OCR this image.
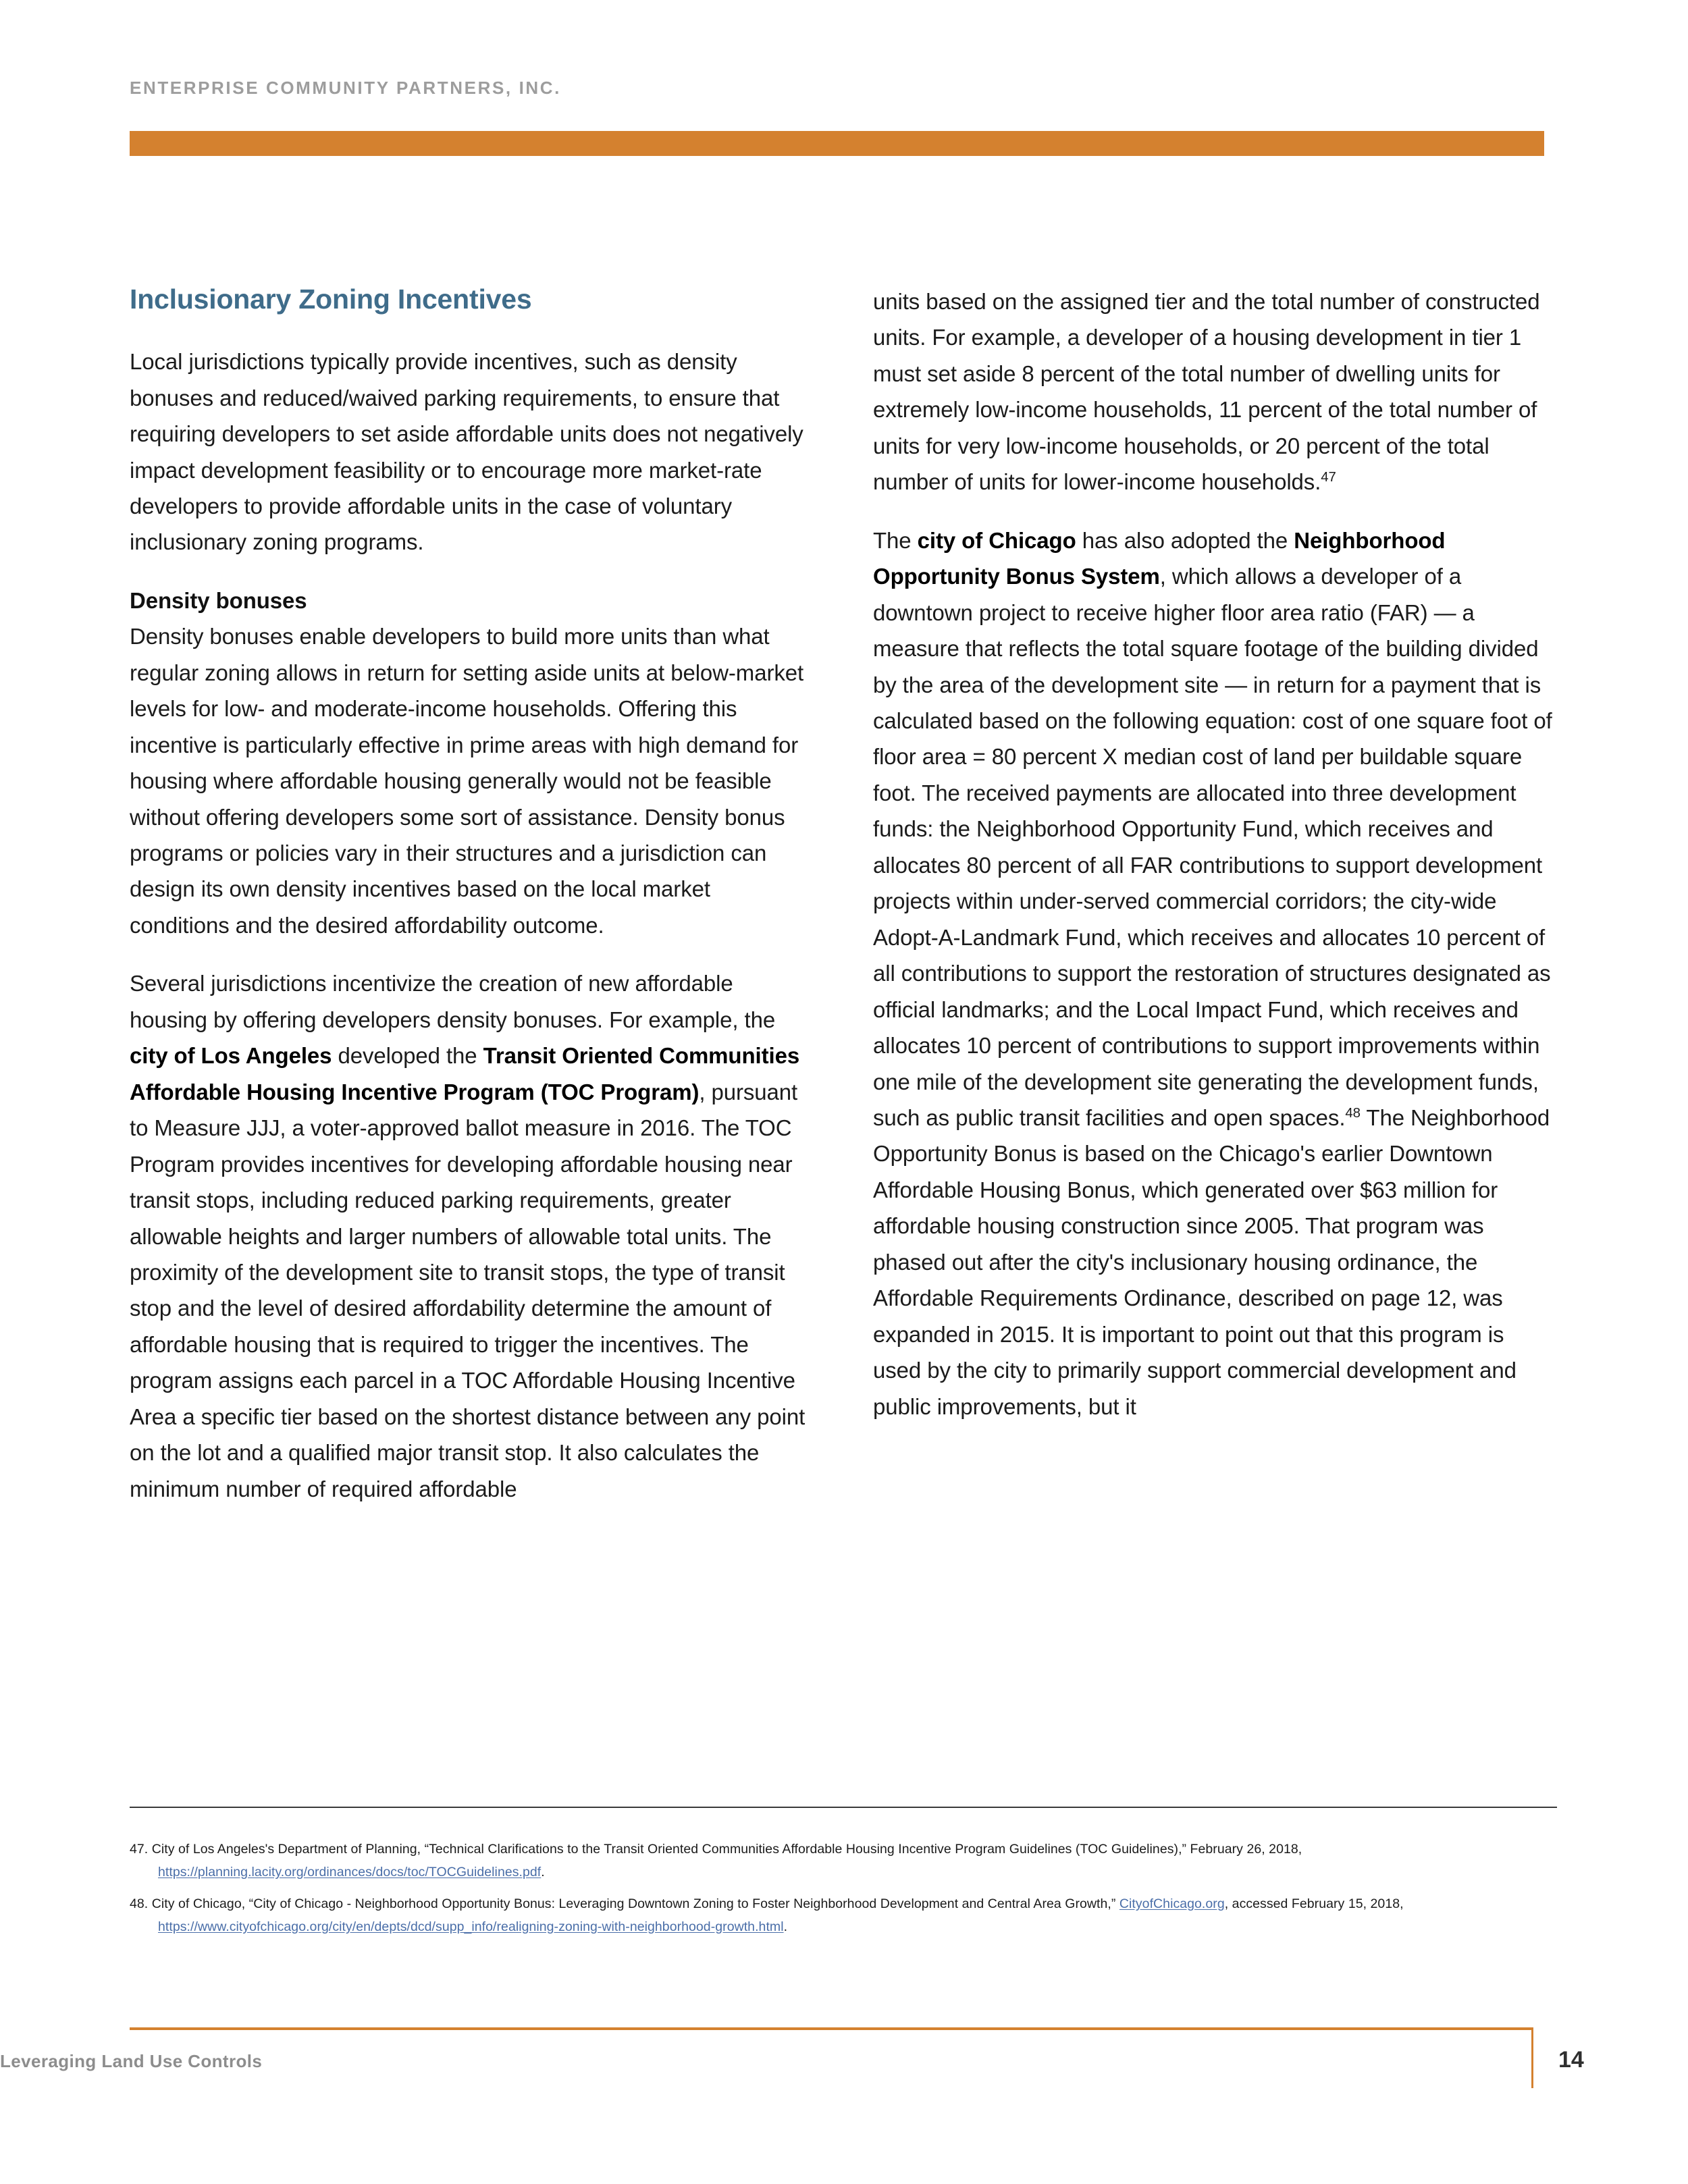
ENTERPRISE COMMUNITY PARTNERS, INC.
Inclusionary Zoning Incentives

Local jurisdictions typically provide incentives, such as density bonuses and reduced/waived parking requirements, to ensure that requiring developers to set aside affordable units does not negatively impact development feasibility or to encourage more market-rate developers to provide affordable units in the case of voluntary inclusionary zoning programs.

Density bonuses

Density bonuses enable developers to build more units than what regular zoning allows in return for setting aside units at below-market levels for low- and moderate-income households. Offering this incentive is particularly effective in prime areas with high demand for housing where affordable housing generally would not be feasible without offering developers some sort of assistance. Density bonus programs or policies vary in their structures and a jurisdiction can design its own density incentives based on the local market conditions and the desired affordability outcome.

Several jurisdictions incentivize the creation of new affordable housing by offering developers density bonuses. For example, the city of Los Angeles developed the Transit Oriented Communities Affordable Housing Incentive Program (TOC Program), pursuant to Measure JJJ, a voter-approved ballot measure in 2016. The TOC Program provides incentives for developing affordable housing near transit stops, including reduced parking requirements, greater allowable heights and larger numbers of allowable total units. The proximity of the development site to transit stops, the type of transit stop and the level of desired affordability determine the amount of affordable housing that is required to trigger the incentives. The program assigns each parcel in a TOC Affordable Housing Incentive Area a specific tier based on the shortest distance between any point on the lot and a qualified major transit stop. It also calculates the minimum number of required affordable

units based on the assigned tier and the total number of constructed units. For example, a developer of a housing development in tier 1 must set aside 8 percent of the total number of dwelling units for extremely low-income households, 11 percent of the total number of units for very low-income households, or 20 percent of the total number of units for lower-income households.$^{47}$

The city of Chicago has also adopted the Neighborhood Opportunity Bonus System, which allows a developer of a downtown project to receive higher floor area ratio (FAR) — a measure that reflects the total square footage of the building divided by the area of the development site — in return for a payment that is calculated based on the following equation: cost of one square foot of floor area = 80 percent X median cost of land per buildable square foot. The received payments are allocated into three development funds: the Neighborhood Opportunity Fund, which receives and allocates 80 percent of all FAR contributions to support development projects within under-served commercial corridors; the city-wide Adopt-A-Landmark Fund, which receives and allocates 10 percent of all contributions to support the restoration of structures designated as official landmarks; and the Local Impact Fund, which receives and allocates 10 percent of contributions to support improvements within one mile of the development site generating the development funds, such as public transit facilities and open spaces.$^{48}$ The Neighborhood Opportunity Bonus is based on the Chicago's earlier Downtown Affordable Housing Bonus, which generated over $63 million for affordable housing construction since 2005. That program was phased out after the city's inclusionary housing ordinance, the Affordable Requirements Ordinance, described on page 12, was expanded in 2015. It is important to point out that this program is used by the city to primarily support commercial development and public improvements, but it

47. City of Los Angeles's Department of Planning, “Technical Clarifications to the Transit Oriented Communities Affordable Housing Incentive Program Guidelines (TOC Guidelines),” February 26, 2018, https://planning.lacity.org/ordinances/docs/toc/TOCGuidelines.pdf.
48. City of Chicago, “City of Chicago - Neighborhood Opportunity Bonus: Leveraging Downtown Zoning to Foster Neighborhood Development and Central Area Growth,” CityofChicago.org, accessed February 15, 2018, https://www.cityofchicago.org/city/en/depts/dcd/supp_info/realigning-zoning-with-neighborhood-growth.html.
Leveraging Land Use Controls	14
